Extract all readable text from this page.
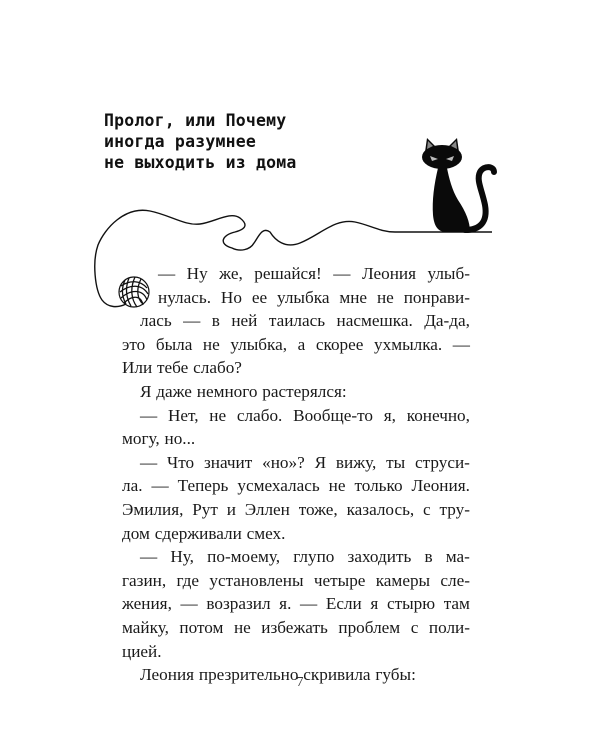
Пролог, или Почему
иногда разумнее
не выходить из дома
— Ну же, решайся! — Леония улыб-
нулась. Но ее улыбка мне не понрави-
лась — в ней таилась насмешка. Да-да,
это была не улыбка, а скорее ухмылка. —
Или тебе слабо?
Я даже немного растерялся:
— Нет, не слабо. Вообще-то я, конечно,
могу, но...
— Что значит «но»? Я вижу, ты струси-
ла. — Теперь усмехалась не только Леония.
Эмилия, Рут и Эллен тоже, казалось, с тру-
дом сдерживали смех.
— Ну, по-моему, глупо заходить в ма-
газин, где установлены четыре камеры сле-
жения, — возразил я. — Если я стырю там
майку, потом не избежать проблем с поли-
цией.
Леония презрительно скривила губы:
7
